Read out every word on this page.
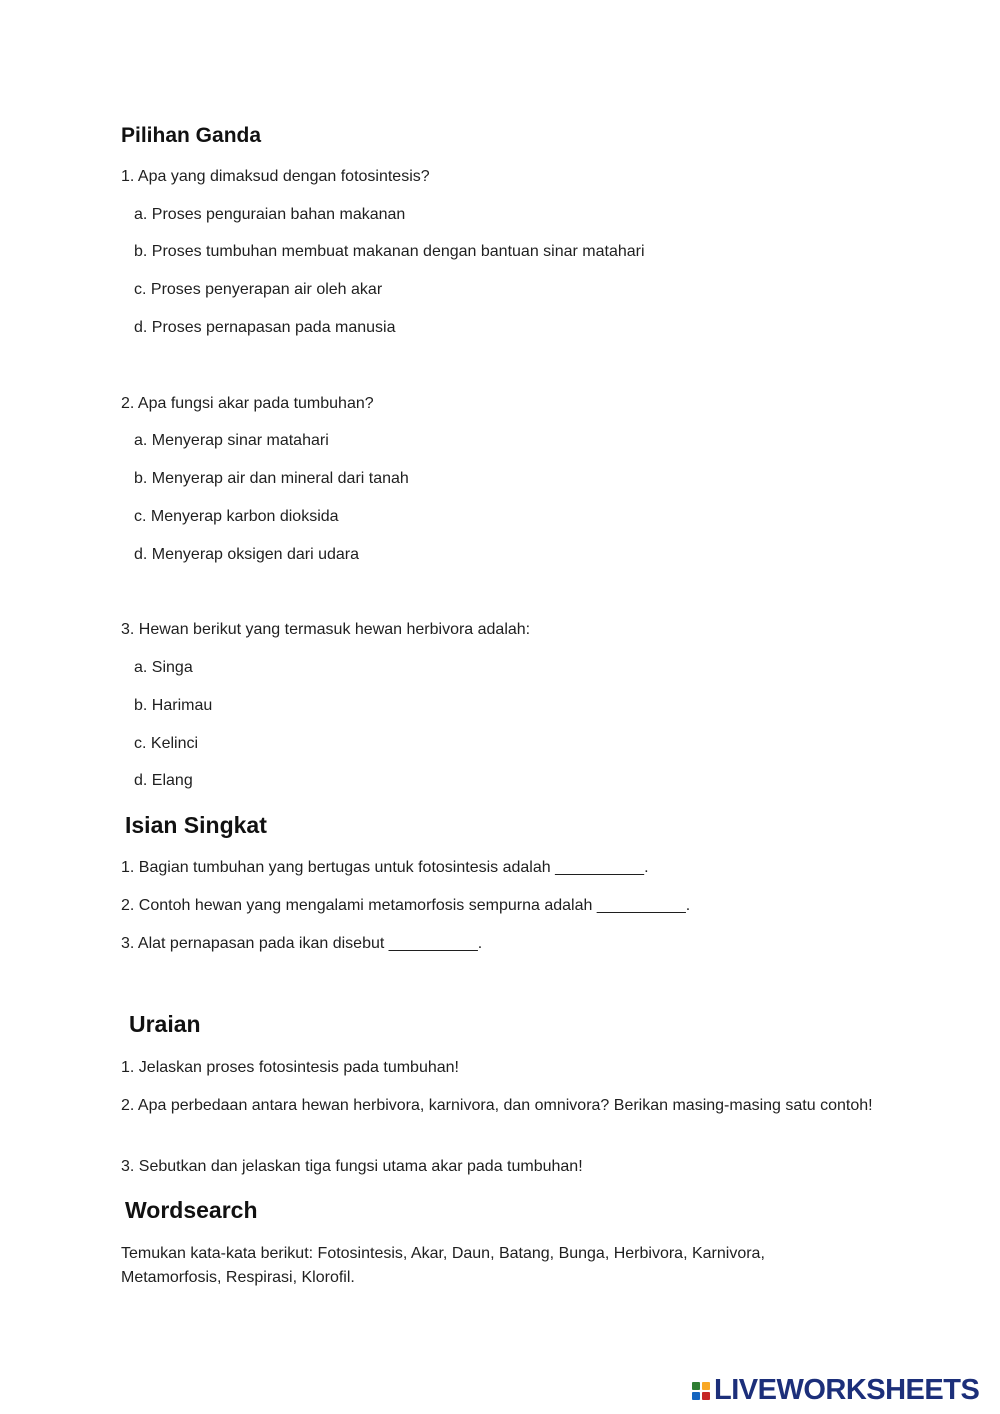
Pilihan Ganda
1. Apa yang dimaksud dengan fotosintesis?
a. Proses penguraian bahan makanan
b. Proses tumbuhan membuat makanan dengan bantuan sinar matahari
c. Proses penyerapan air oleh akar
d. Proses pernapasan pada manusia
2. Apa fungsi akar pada tumbuhan?
a. Menyerap sinar matahari
b. Menyerap air dan mineral dari tanah
c. Menyerap karbon dioksida
d. Menyerap oksigen dari udara
3. Hewan berikut yang termasuk hewan herbivora adalah:
a. Singa
b. Harimau
c. Kelinci
d. Elang
Isian Singkat
1. Bagian tumbuhan yang bertugas untuk fotosintesis adalah __________.
2. Contoh hewan yang mengalami metamorfosis sempurna adalah __________.
3. Alat pernapasan pada ikan disebut __________.
Uraian
1. Jelaskan proses fotosintesis pada tumbuhan!
2. Apa perbedaan antara hewan herbivora, karnivora, dan omnivora? Berikan masing-masing satu contoh!
3. Sebutkan dan jelaskan tiga fungsi utama akar pada tumbuhan!
Wordsearch
Temukan kata-kata berikut: Fotosintesis, Akar, Daun, Batang, Bunga, Herbivora, Karnivora, Metamorfosis, Respirasi, Klorofil.
LIVEWORKSHEETS
